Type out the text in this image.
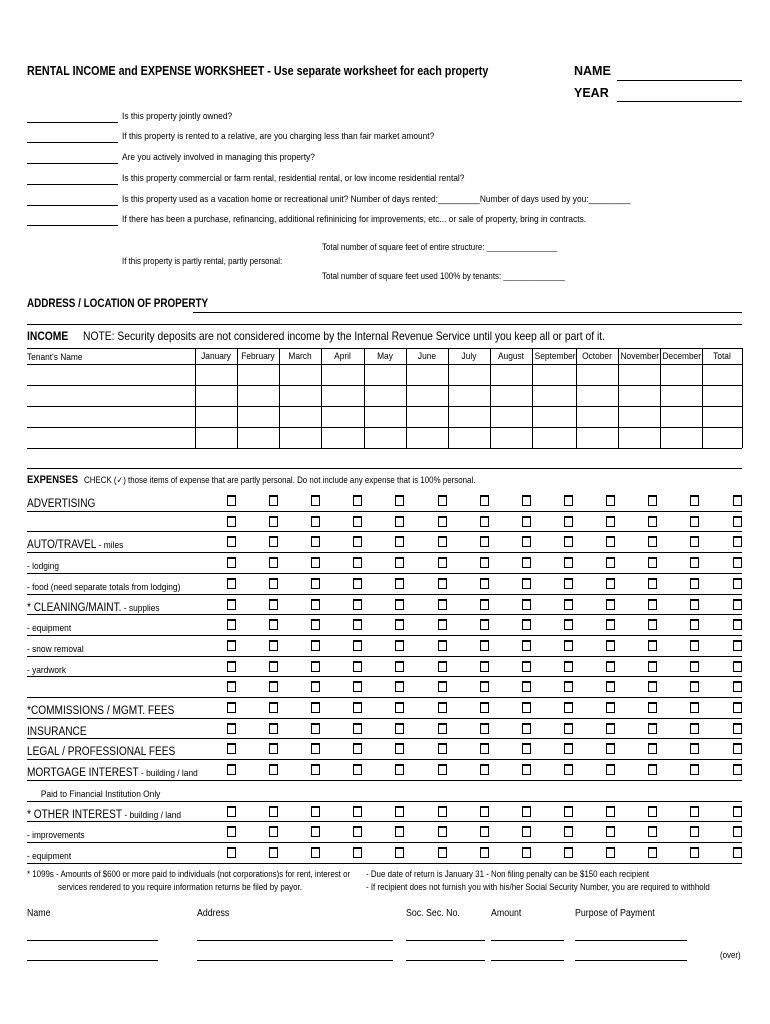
RENTAL INCOME and EXPENSE WORKSHEET - Use separate worksheet for each property	NAME
YEAR
Is this property jointly owned?
If this property is rented to a relative, are you charging less than fair market amount?
Are you actively involved in managing this property?
Is this property commercial or farm rental, residential rental, or low income residential rental?
Is this property used as a vacation home or recreational unit? Number of days rented:_________Number of days used by you:_________
If there has been a purchase, refinancing, additional refininicing for improvements, etc... or sale of property, bring in contracts.
Total number of square feet of entire structure: ________________
If this property is partly rental, partly personal:
Total number of square feet used 100% by tenants: ______________
ADDRESS / LOCATION OF PROPERTY
INCOME NOTE: Security deposits are not considered income by the Internal Revenue Service until you keep all or part of it.
Tenant's Name	January	February	March	April	May	June	July	August	September October November December	Total
EXPENSES CHECK (✓) those items of expense that are partly personal. Do not include any expense that is 100% personal.
ADVERTISING
AUTO/TRAVEL - miles
- lodging
- food (need separate totals from lodging)
* CLEANING/MAINT. - supplies
- equipment
- snow removal
- yardwork
*COMMISSIONS / MGMT. FEES
INSURANCE
LEGAL / PROFESSIONAL FEES
MORTGAGE INTEREST - building / land
Paid to Financial Institution Only
* OTHER INTEREST - building / land
- improvements
- equipment
* 1099s - Amounts of $600 or more paid to individuals (not corporations)s for rent, interest or
services rendered to you require information returns be filed by payor.
- Due date of return is January 31 - Non filing penalty can be $150 each recipient
- If recipient does not furnish you with his/her Social Security Number, you are required to withhold
Name	Address	Soc. Sec. No.	Amount	Purpose of Payment
(over)
